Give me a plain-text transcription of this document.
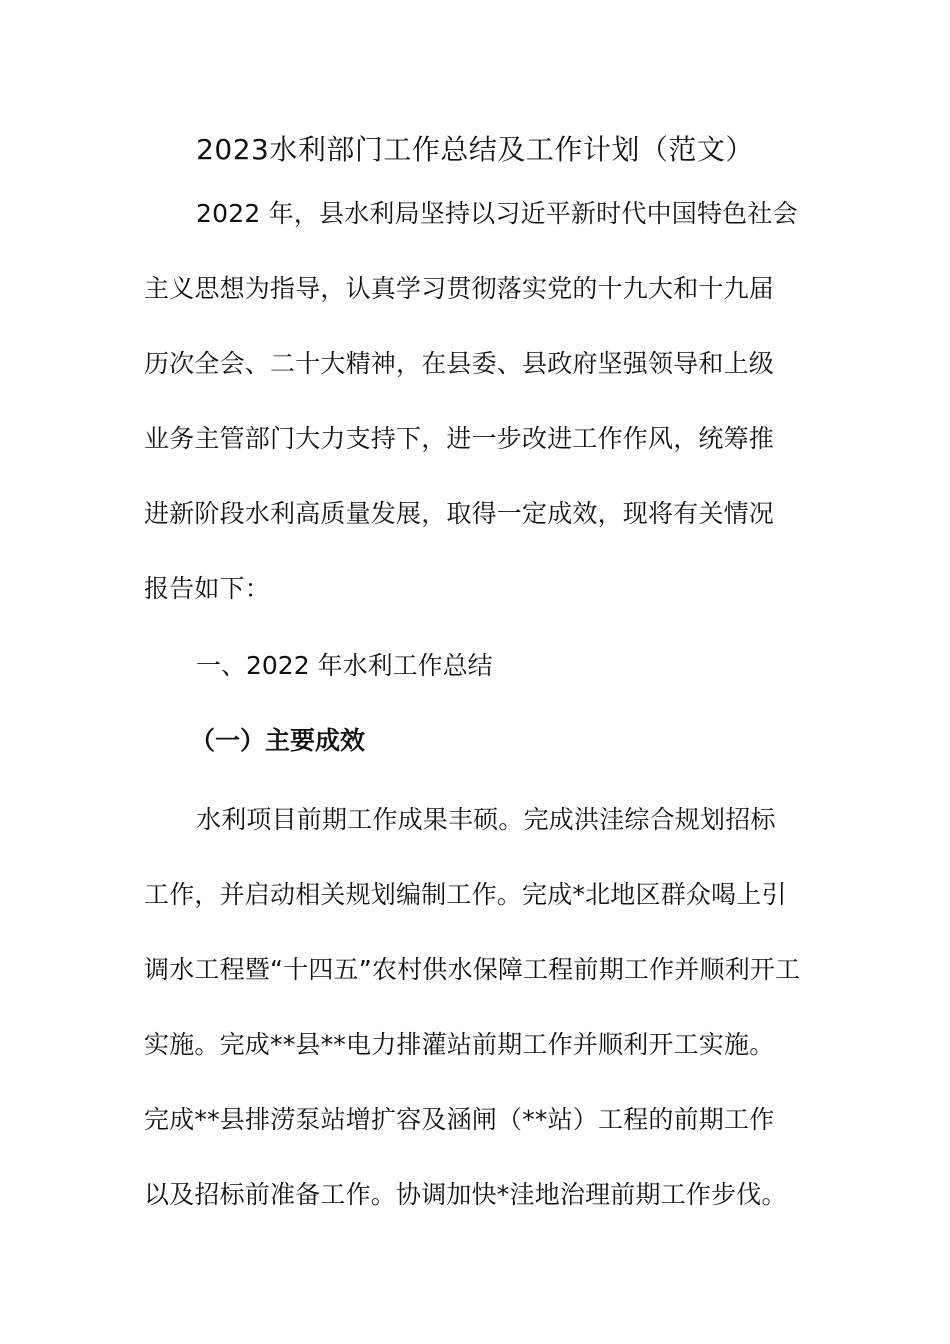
2023水利部门工作总结及工作计划（范文）
2022 年，县水利局坚持以习近平新时代中国特色社会
主义思想为指导，认真学习贯彻落实党的十九大和十九届
历次全会、二十大精神，在县委、县政府坚强领导和上级
业务主管部门大力支持下，进一步改进工作作风，统筹推
进新阶段水利高质量发展，取得一定成效，现将有关情况
报告如下：
一、2022 年水利工作总结
（一）主要成效
水利项目前期工作成果丰硕。完成洪洼综合规划招标
工作，并启动相关规划编制工作。完成*北地区群众喝上引
调水工程暨“十四五”农村供水保障工程前期工作并顺利开工
实施。完成**县**电力排灌站前期工作并顺利开工实施。
完成**县排涝泵站增扩容及涵闸（**站）工程的前期工作
以及招标前准备工作。协调加快*洼地治理前期工作步伐。
